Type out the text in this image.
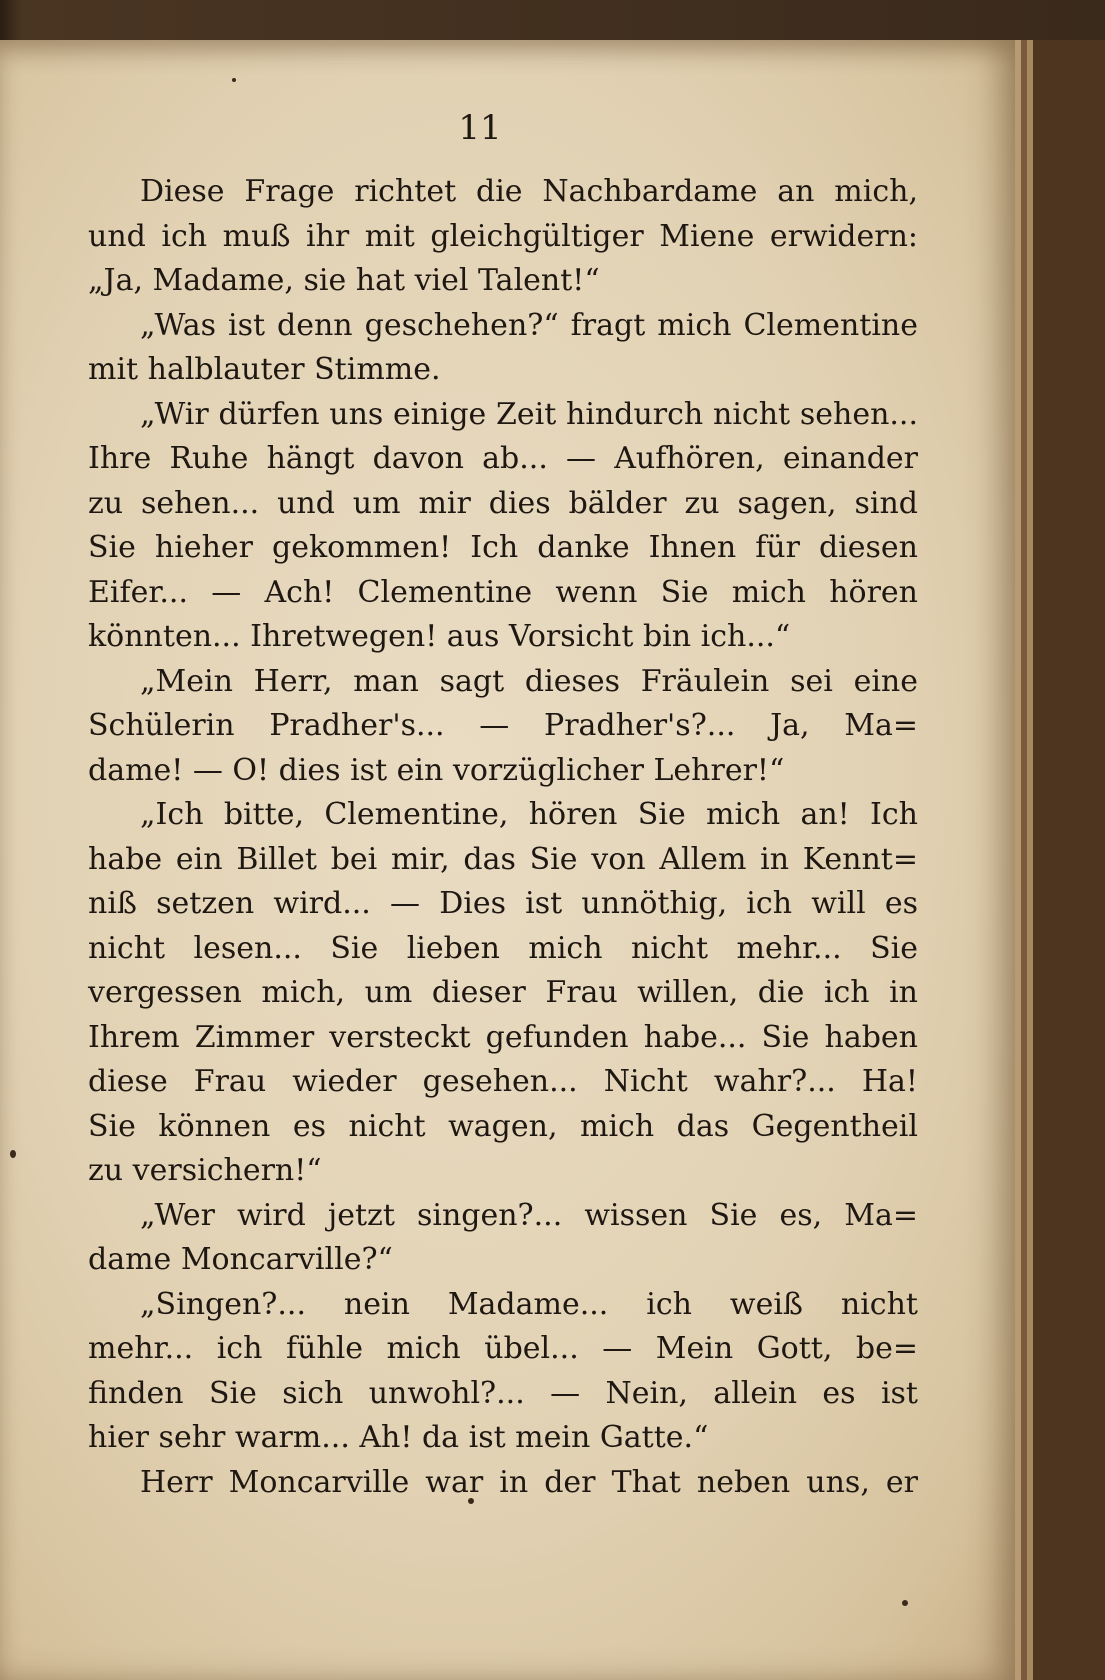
11
Diese Frage richtet die Nachbardame an mich,
und ich muß ihr mit gleichgültiger Miene erwidern:
„Ja, Madame, sie hat viel Talent!“
„Was ist denn geschehen?“ fragt mich Clementine
mit halblauter Stimme.
„Wir dürfen uns einige Zeit hindurch nicht sehen...
Ihre Ruhe hängt davon ab... — Aufhören, einander
zu sehen... und um mir dies bälder zu sagen, sind
Sie hieher gekommen! Ich danke Ihnen für diesen
Eifer... — Ach! Clementine wenn Sie mich hören
könnten... Ihretwegen! aus Vorsicht bin ich...“
„Mein Herr, man sagt dieses Fräulein sei eine
Schülerin Pradher's... — Pradher's?... Ja, Ma=
dame! — O! dies ist ein vorzüglicher Lehrer!“
„Ich bitte, Clementine, hören Sie mich an! Ich
habe ein Billet bei mir, das Sie von Allem in Kennt=
niß setzen wird... — Dies ist unnöthig, ich will es
nicht lesen... Sie lieben mich nicht mehr... Sie
vergessen mich, um dieser Frau willen, die ich in
Ihrem Zimmer versteckt gefunden habe... Sie haben
diese Frau wieder gesehen... Nicht wahr?... Ha!
Sie können es nicht wagen, mich das Gegentheil
zu versichern!“
„Wer wird jetzt singen?... wissen Sie es, Ma=
dame Moncarville?“
„Singen?... nein Madame... ich weiß nicht
mehr... ich fühle mich übel... — Mein Gott, be=
finden Sie sich unwohl?... — Nein, allein es ist
hier sehr warm... Ah! da ist mein Gatte.“
Herr Moncarville war in der That neben uns, er
